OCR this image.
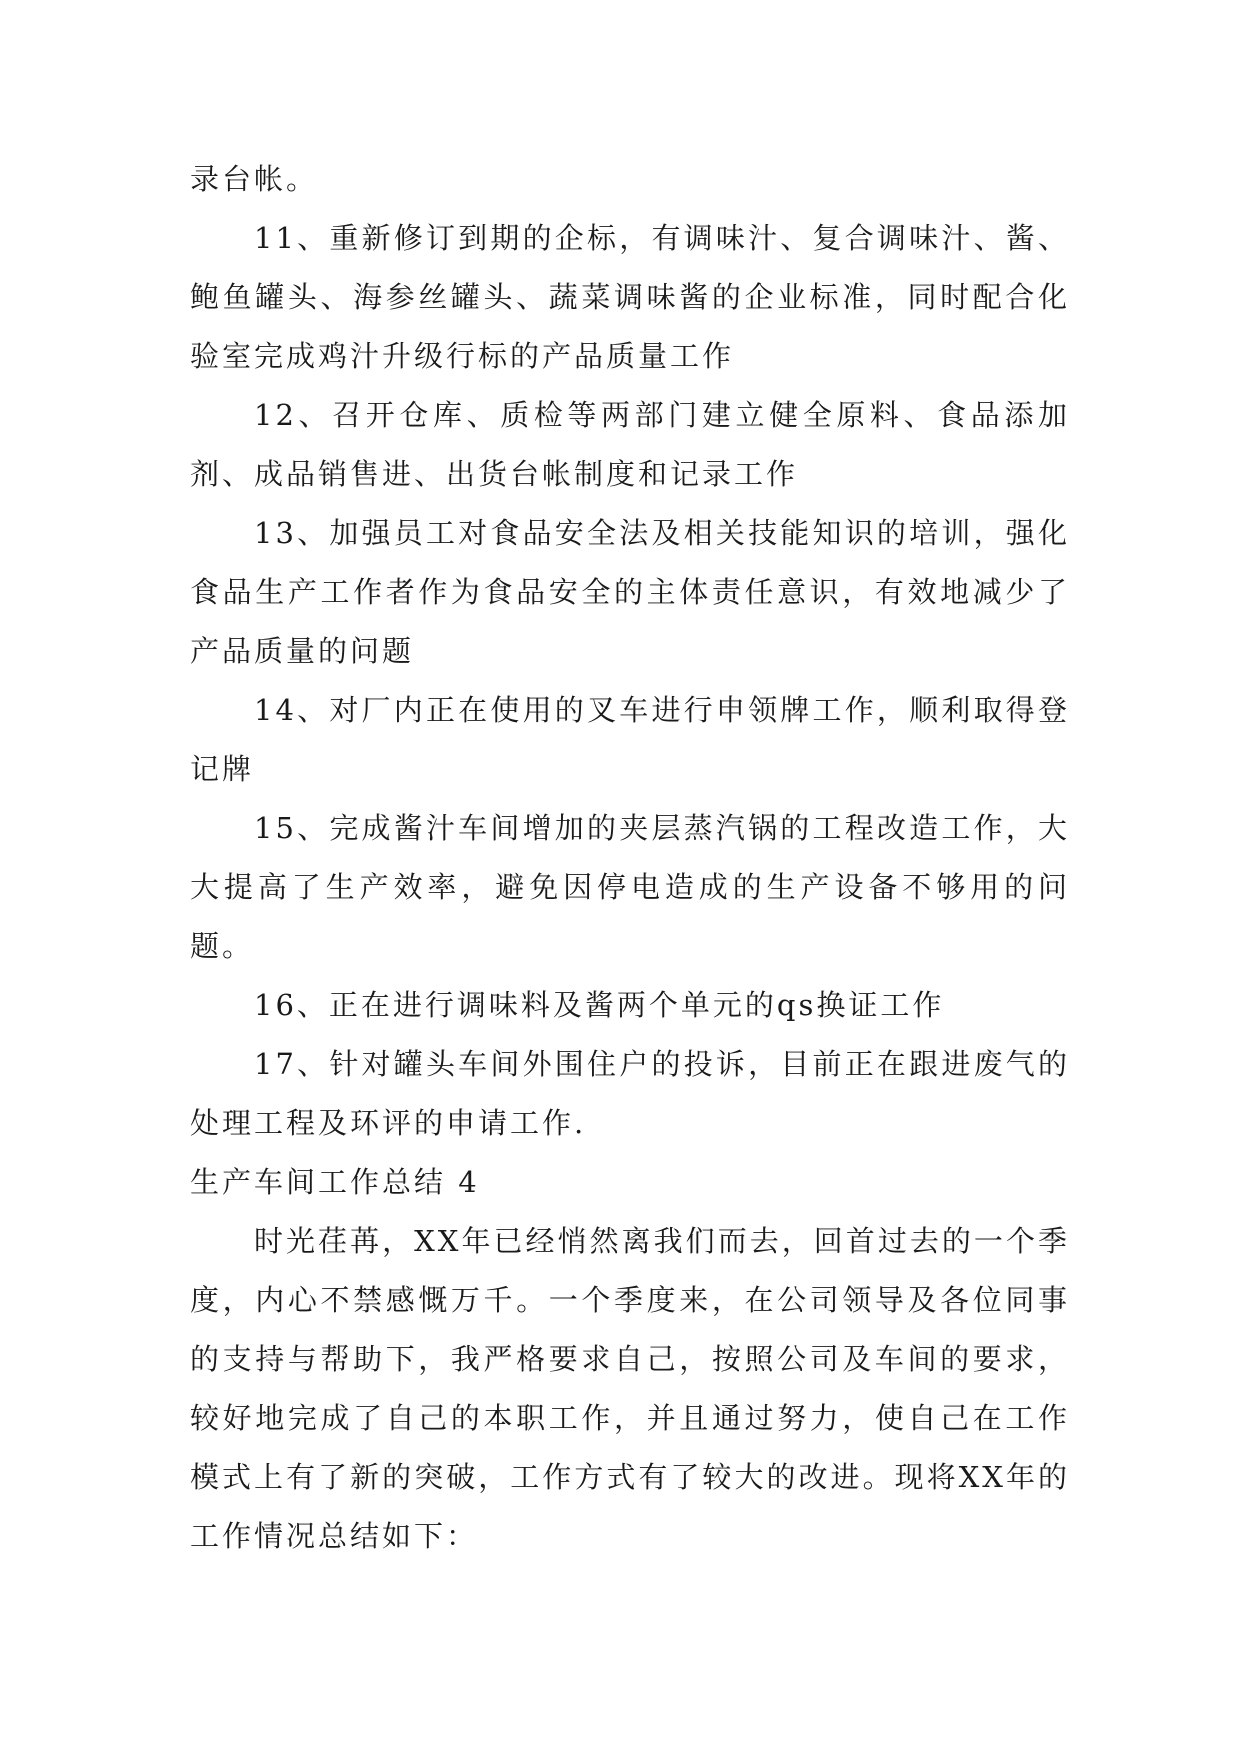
录台帐。

11、重新修订到期的企标，有调味汁、复合调味汁、酱、鲍鱼罐头、海参丝罐头、蔬菜调味酱的企业标准，同时配合化验室完成鸡汁升级行标的产品质量工作

12、召开仓库、质检等两部门建立健全原料、食品添加剂、成品销售进、出货台帐制度和记录工作

13、加强员工对食品安全法及相关技能知识的培训，强化食品生产工作者作为食品安全的主体责任意识，有效地减少了产品质量的问题

14、对厂内正在使用的叉车进行申领牌工作，顺利取得登记牌

15、完成酱汁车间增加的夹层蒸汽锅的工程改造工作，大大提高了生产效率，避免因停电造成的生产设备不够用的问题。

16、正在进行调味料及酱两个单元的qs换证工作

17、针对罐头车间外围住户的投诉，目前正在跟进废气的处理工程及环评的申请工作.

生产车间工作总结 4

时光荏苒，XX年已经悄然离我们而去，回首过去的一个季度，内心不禁感慨万千。一个季度来，在公司领导及各位同事的支持与帮助下，我严格要求自己，按照公司及车间的要求，较好地完成了自己的本职工作，并且通过努力，使自己在工作模式上有了新的突破，工作方式有了较大的改进。现将XX年的工作情况总结如下：
